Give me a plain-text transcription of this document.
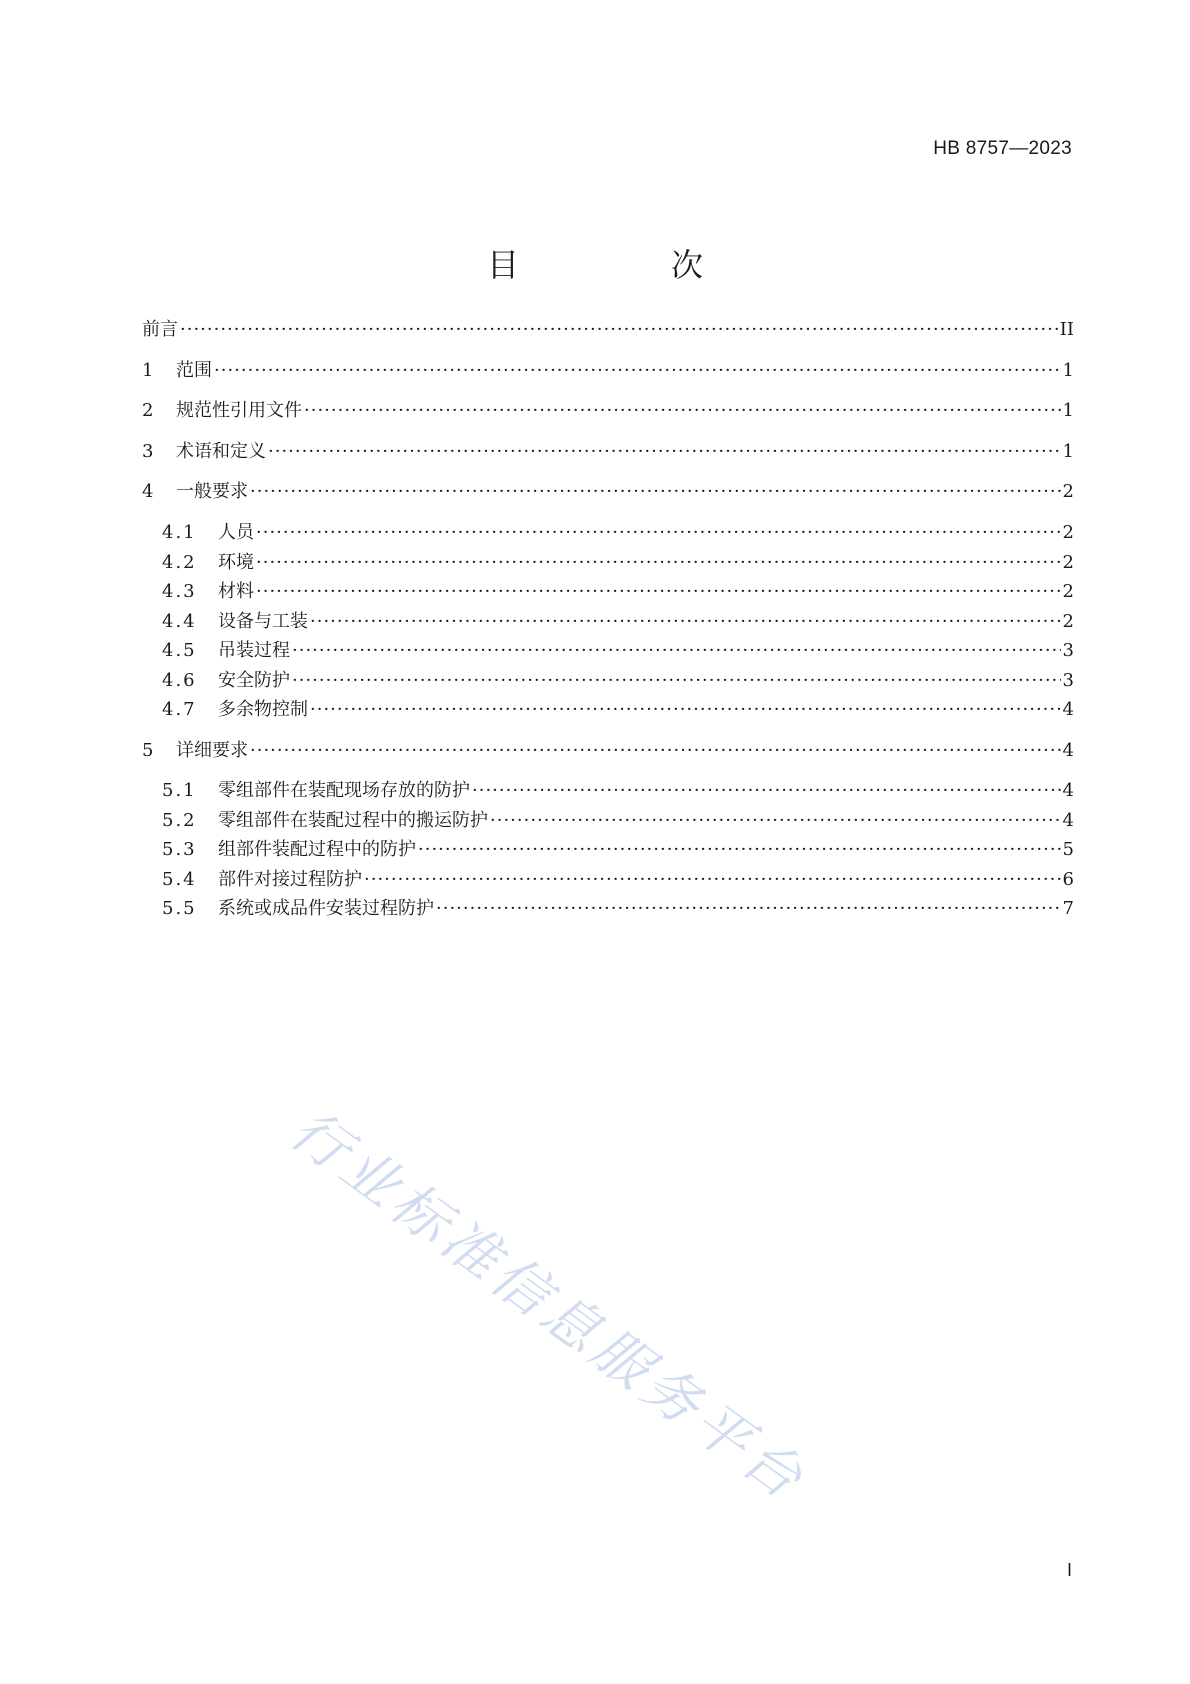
HB 8757—2023
目　次
前言 ·····	II
1	范围 ·····	1
2	规范性引用文件 ·····	1
3	术语和定义 ·····	1
4	一般要求 ·····	2
4.1	人员 ·····	2
4.2	环境 ·····	2
4.3	材料 ·····	2
4.4	设备与工装 ·····	2
4.5	吊装过程 ·····	3
4.6	安全防护 ·····	3
4.7	多余物控制 ·····	4
5	详细要求 ·····	4
5.1	零组部件在装配现场存放的防护 ·····	4
5.2	零组部件在装配过程中的搬运防护 ·····	4
5.3	组部件装配过程中的防护 ·····	5
5.4	部件对接过程防护 ·····	6
5.5	系统或成品件安装过程防护 ·····	7
行业标准信息服务平台
I
